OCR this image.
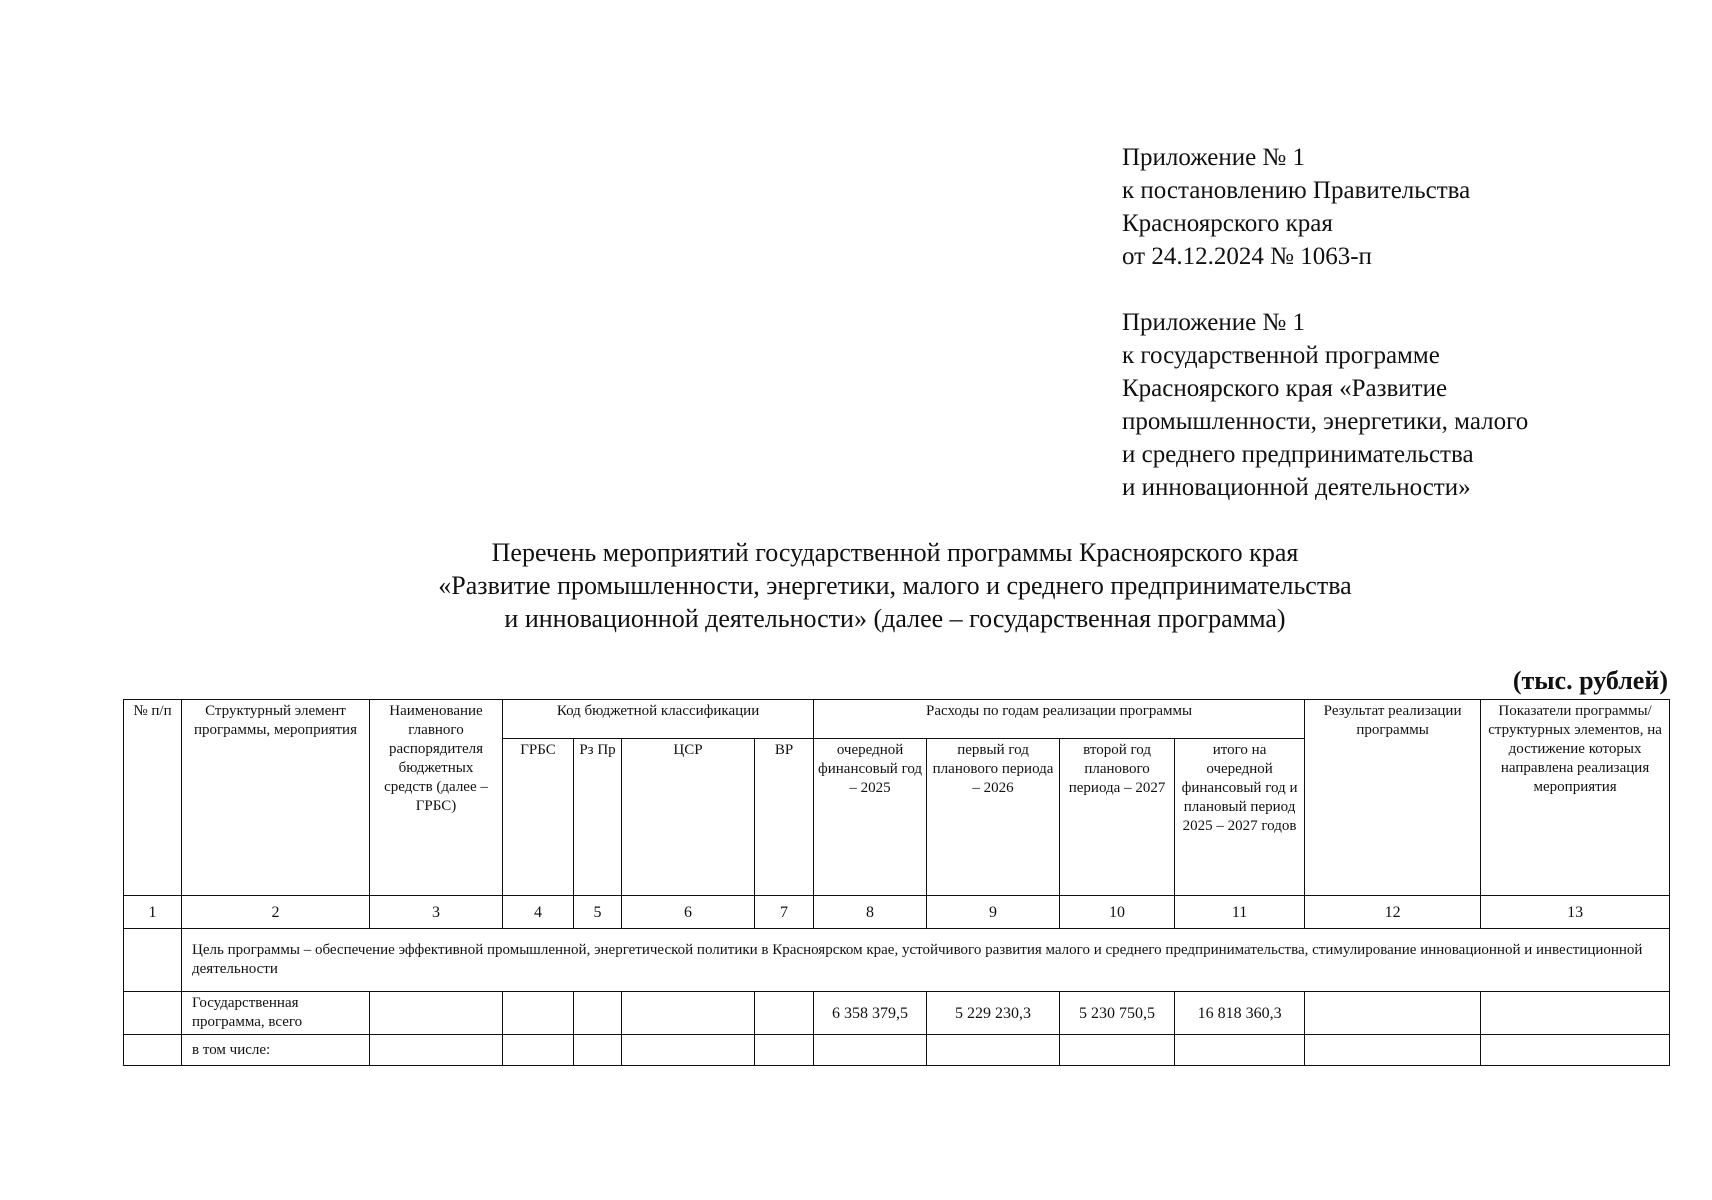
Приложение № 1
к постановлению Правительства
Красноярского края
от 24.12.2024 № 1063-п
Приложение № 1
к государственной программе
Красноярского края «Развитие
промышленности, энергетики, малого
и среднего предпринимательства
и инновационной деятельности»
Перечень мероприятий государственной программы Красноярского края
«Развитие промышленности, энергетики, малого и среднего предпринимательства
и инновационной деятельности» (далее – государственная программа)
(тыс. рублей)
№ п/п	Структурный элемент программы, мероприятия	Наименование главного распорядителя бюджетных средств (далее – ГРБС)	Код бюджетной классификации				Расходы по годам реализации программы				Результат реализации программы	Показатели программы/структурных элементов, на достижение которых направлена реализация мероприятия
			ГРБС	Рз Пр	ЦСР	ВР	очередной финансовый год – 2025	первый год планового периода – 2026	второй год планового периода – 2027	итого на очередной финансовый год и плановый период 2025 – 2027 годов		
1	2	3	4	5	6	7	8	9	10	11	12	13
	Цель программы – обеспечение эффективной промышленной, энергетической политики в Красноярском крае, устойчивого развития малого и среднего предпринимательства, стимулирование инновационной и инвестиционной деятельности											
	Государственная программа, всего						6 358 379,5	5 229 230,3	5 230 750,5	16 818 360,3		
	в том числе:											
